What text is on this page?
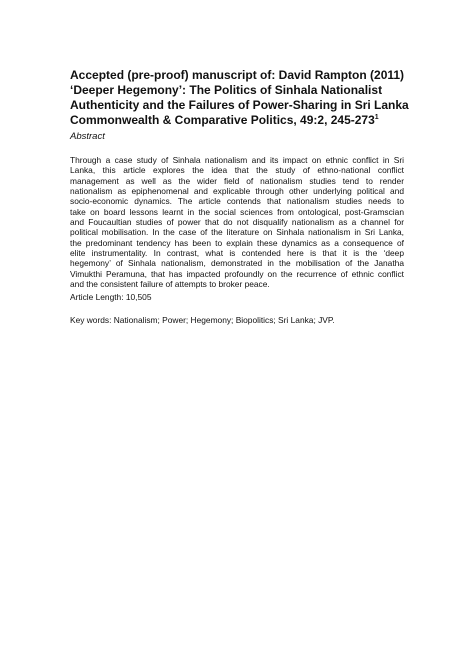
Accepted (pre-proof) manuscript of: David Rampton (2011)
‘Deeper Hegemony’: The Politics of Sinhala Nationalist
Authenticity and the Failures of Power-Sharing in Sri Lanka
Commonwealth & Comparative Politics, 49:2, $245-273^1$

Abstract

Through a case study of Sinhala nationalism and its impact on ethnic conflict in Sri
Lanka, this article explores the idea that the study of ethno-national conflict
management as well as the wider field of nationalism studies tend to render
nationalism as epiphenomenal and explicable through other underlying political and
socio-economic dynamics. The article contends that nationalism studies needs to
take on board lessons learnt in the social sciences from ontological, post-Gramscian
and Foucaultian studies of power that do not disqualify nationalism as a channel for
political mobilisation. In the case of the literature on Sinhala nationalism in Sri Lanka,
the predominant tendency has been to explain these dynamics as a consequence of
elite instrumentality. In contrast, what is contended here is that it is the ‘deep
hegemony’ of Sinhala nationalism, demonstrated in the mobilisation of the Janatha
Vimukthi Peramuna, that has impacted profoundly on the recurrence of ethnic conflict
and the consistent failure of attempts to broker peace.

Article Length: 10,505

Key words: Nationalism; Power; Hegemony; Biopolitics; Sri Lanka; JVP.
